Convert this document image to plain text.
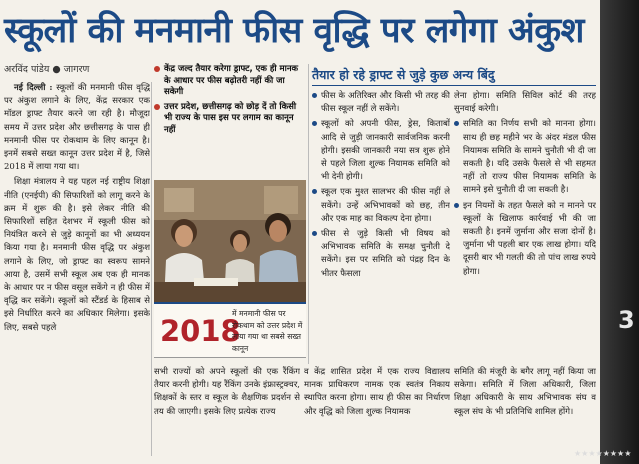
स्कूलों की मनमानी फीस वृद्धि पर लगेगा अंकुश
अरविंद पांडेय ● जागरण

नई दिल्ली : स्कूलों की मनमानी फीस वृद्धि पर अंकुश लगाने के लिए, केंद्र सरकार एक मॉडल ड्राफ्ट तैयार करने जा रही है। मौजूदा समय में उत्तर प्रदेश और छत्तीसगढ़ के पास ही मनमानी फीस पर रोकथाम के लिए कानून है। इनमें सबसे सख्त कानून उत्तर प्रदेश में है, जिसे 2018 में लाया गया था।

शिक्षा मंत्रालय ने यह पहल नई राष्ट्रीय शिक्षा नीति (एनईपी) की सिफारिशों को लागू करने के क्रम में शुरू की है। इसे लेकर नीति की सिफारिशों सहित देशभर में स्कूली फीस को नियंत्रित करने से जुड़े कानूनों का भी अध्ययन किया गया है। मनमानी फीस वृद्धि पर अंकुश लगाने के लिए, जो ड्राफ्ट का स्वरूप सामने आया है, उसमें सभी स्कूल अब एक ही मानक के आधार पर न फीस वसूल सकेंगे न ही फीस में वृद्धि कर सकेंगे। स्कूलों को स्टैंडर्ड के हिसाब से इसे निर्धारित करने का अधिकार मिलेगा। इसके लिए, सबसे पहले

केंद्र जल्द तैयार करेगा ड्राफ्ट, एक ही मानक के आधार पर फीस बढ़ोतरी नहीं की जा सकेगी
उत्तर प्रदेश, छत्तीसगढ़ को छोड़ दें तो किसी भी राज्य के पास इस पर लगाम का कानून नहीं
2018
में मनमानी फीस पर रोकथाम को उत्तर प्रदेश में लाया गया था सबसे सख्त कानून
तैयार हो रहे ड्राफ्ट से जुड़े कुछ अन्य बिंदु
फीस के अतिरिक्त और किसी भी तरह की फीस स्कूल नहीं ले सकेंगे।
स्कूलों को अपनी फीस, ड्रेस, किताबों आदि से जुड़ी जानकारी सार्वजनिक करनी होगी। इसकी जानकारी नया सत्र शुरू होने से पहले जिला शुल्क नियामक समिति को भी देनी होगी।
स्कूल एक मुश्त सालभर की फीस नहीं ले सकेंगे। उन्हें अभिभावकों को छह, तीन और एक माह का विकल्प देना होगा।
फीस से जुड़े किसी भी विषय को अभिभावक समिति के समक्ष चुनौती दे सकेंगे। इस पर समिति को पंद्रह दिन के भीतर फैसला
लेना होगा। समिति सिविल कोर्ट की तरह सुनवाई करेगी।
समिति का निर्णय सभी को मानना होगा। साथ ही छह महीने भर के अंदर मंडल फीस नियामक समिति के सामने चुनौती भी दी जा सकती है। यदि उसके फैसले से भी सहमत नहीं तो राज्य फीस नियामक समिति के सामने इसे चुनौती दी जा सकती है।
इन नियमों के तहत फैसले को न मानने पर स्कूलों के खिलाफ कार्रवाई भी की जा सकती है। इनमें जुर्माना और सजा दोनों है। जुर्माना भी पहली बार एक लाख होगा। यदि दूसरी बार भी गलती की तो पांच लाख रुपये होगा।
सभी राज्यों को अपने स्कूलों की एक रैंकिंग तैयार करनी होगी। यह रैंकिंग उनके इंफ्रास्ट्रक्चर, शिक्षकों के स्तर व स्कूल के शैक्षणिक प्रदर्शन से तय की जाएगी। इसके लिए प्रत्येक राज्य
व केंद्र शासित प्रदेश में एक राज्य विद्यालय मानक प्राधिकरण नामक एक स्वतंत्र निकाय स्थापित करना होगा। साथ ही फीस का निर्धारण और वृद्धि को जिला शुल्क नियामक
समिति की मंजूरी के बगैर लागू नहीं किया जा सकेगा। समिति में जिला अधिकारी, जिला शिक्षा अधिकारी के साथ अभिभावक संघ व स्कूल संघ के भी प्रतिनिधि शामिल होंगे।
3
★★★★★★★★
